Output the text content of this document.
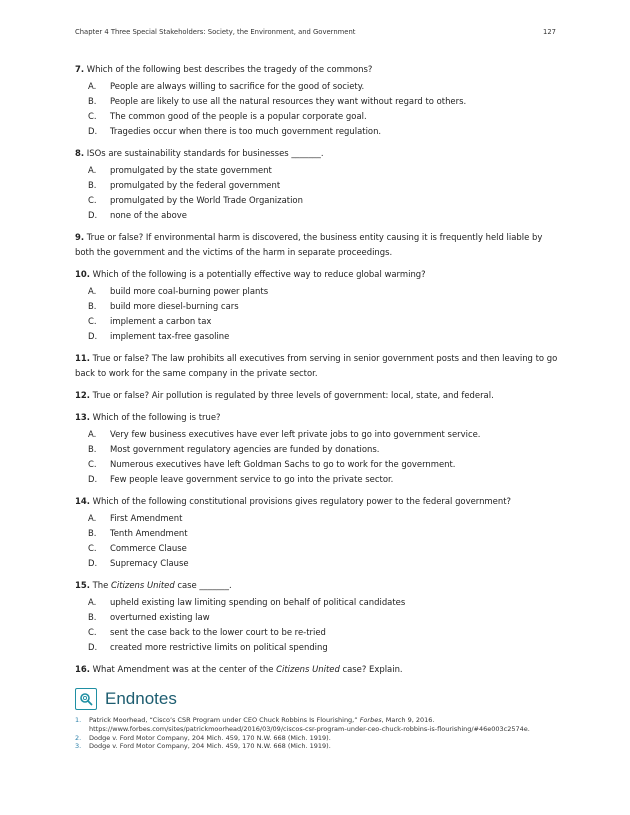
Chapter 4 Three Special Stakeholders: Society, the Environment, and Government	127
7. Which of the following best describes the tragedy of the commons?
A.	People are always willing to sacrifice for the good of society.
B.	People are likely to use all the natural resources they want without regard to others.
C.	The common good of the people is a popular corporate goal.
D.	Tragedies occur when there is too much government regulation.
8. ISOs are sustainability standards for businesses _______.
A.	promulgated by the state government
B.	promulgated by the federal government
C.	promulgated by the World Trade Organization
D.	none of the above
9. True or false? If environmental harm is discovered, the business entity causing it is frequently held liable by both the government and the victims of the harm in separate proceedings.
10. Which of the following is a potentially effective way to reduce global warming?
A.	build more coal-burning power plants
B.	build more diesel-burning cars
C.	implement a carbon tax
D.	implement tax-free gasoline
11. True or false? The law prohibits all executives from serving in senior government posts and then leaving to go back to work for the same company in the private sector.
12. True or false? Air pollution is regulated by three levels of government: local, state, and federal.
13. Which of the following is true?
A.	Very few business executives have ever left private jobs to go into government service.
B.	Most government regulatory agencies are funded by donations.
C.	Numerous executives have left Goldman Sachs to go to work for the government.
D.	Few people leave government service to go into the private sector.
14. Which of the following constitutional provisions gives regulatory power to the federal government?
A.	First Amendment
B.	Tenth Amendment
C.	Commerce Clause
D.	Supremacy Clause
15. The Citizens United case _______.
A.	upheld existing law limiting spending on behalf of political candidates
B.	overturned existing law
C.	sent the case back to the lower court to be re-tried
D.	created more restrictive limits on political spending
16. What Amendment was at the center of the Citizens United case? Explain.
Endnotes
1.	Patrick Moorhead, “Cisco’s CSR Program under CEO Chuck Robbins Is Flourishing,” Forbes, March 9, 2016. https://www.forbes.com/sites/patrickmoorhead/2016/03/09/ciscos-csr-program-under-ceo-chuck-robbins-is-flourishing/#46e003c2574e.
2.	Dodge v. Ford Motor Company, 204 Mich. 459, 170 N.W. 668 (Mich. 1919).
3.	Dodge v. Ford Motor Company, 204 Mich. 459, 170 N.W. 668 (Mich. 1919).
